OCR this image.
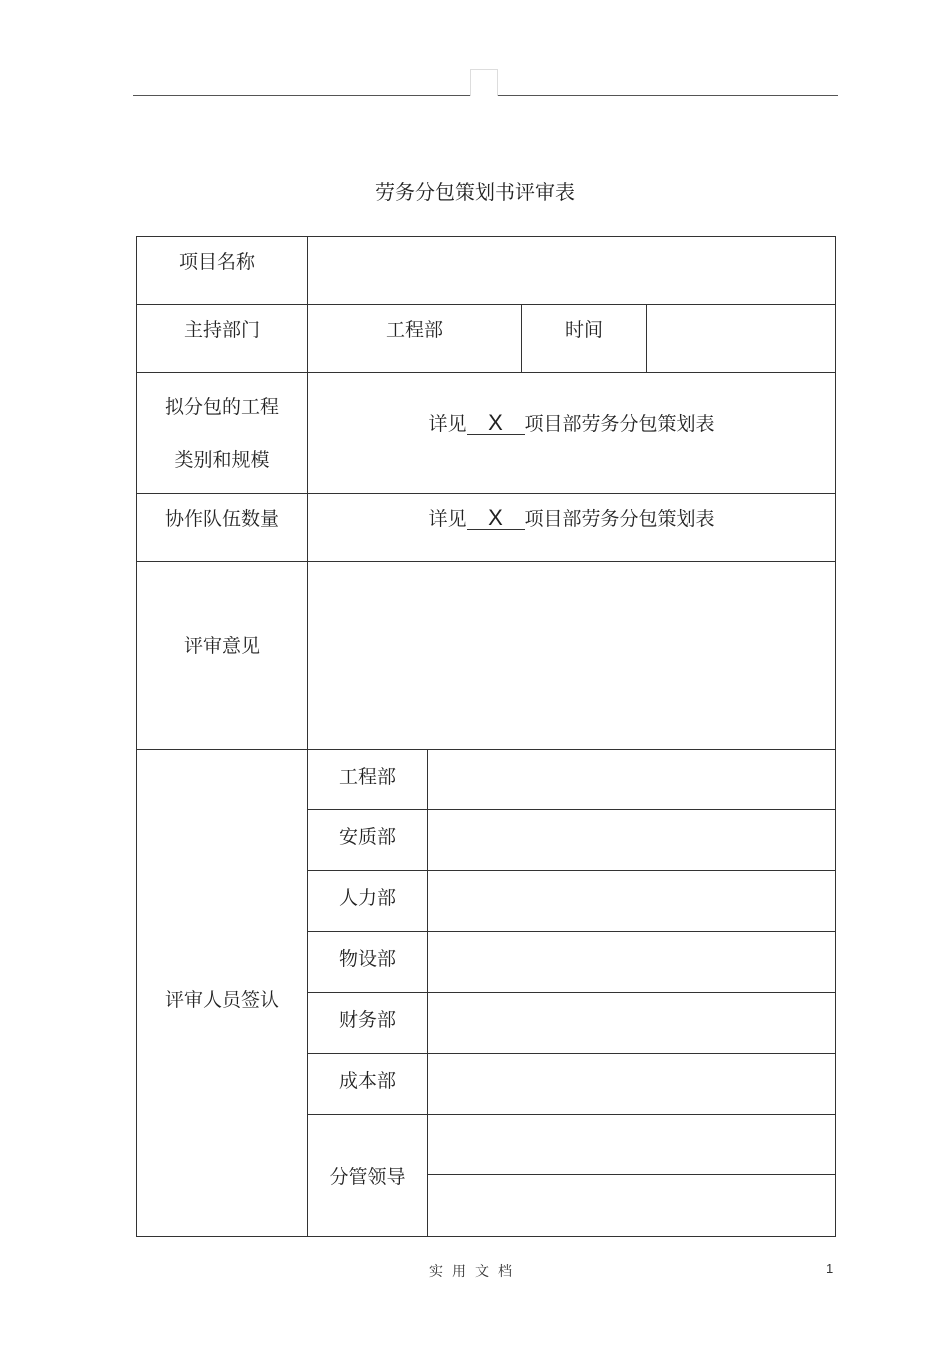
劳务分包策划书评审表
项目名称				

主持部门	工程部		时间	

拟分包的工程
类别和规模	详见 X 项目部劳务分包策划表			

协作队伍数量	详见 X 项目部劳务分包策划表			

评审意见				

评审人员签认	工程部			

	安质部			

	人力部			

	物设部			

	财务部			

	成本部			

	分管领导			

实用文档	1
